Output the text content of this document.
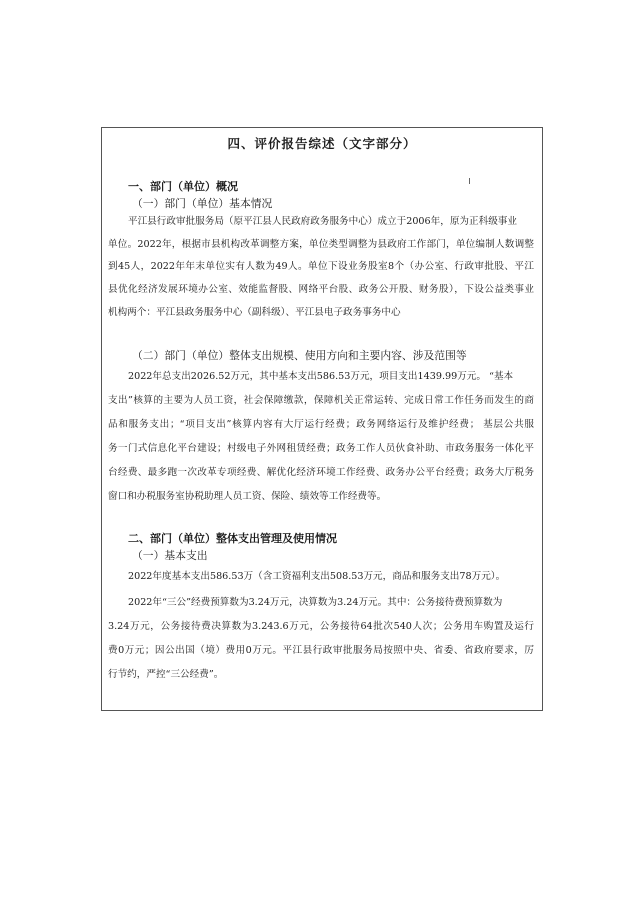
四、评价报告综述（文字部分）
一、部门（单位）概况
（一）部门（单位）基本情况
平江县行政审批服务局（原平江县人民政府政务服务中心）成立于2006年，原为正科级事业
单位。2022年，根据市县机构改革调整方案，单位类型调整为县政府工作部门，单位编制人数调整
到45人，2022年年末单位实有人数为49人。单位下设业务股室8个（办公室、行政审批股、平江
县优化经济发展环境办公室、效能监督股、网络平台股、政务公开股、财务股），下设公益类事业
机构两个：平江县政务服务中心（副科级）、平江县电子政务事务中心
（二）部门（单位）整体支出规模、使用方向和主要内容、涉及范围等
2022年总支出2026.52万元，其中基本支出586.53万元，项目支出1439.99万元。 “基本
支出”核算的主要为人员工资，社会保障缴款，保障机关正常运转、完成日常工作任务而发生的商
品和服务支出；“项目支出”核算内容有大厅运行经费；政务网络运行及维护经费； 基层公共服
务一门式信息化平台建设；村级电子外网租赁经费；政务工作人员伙食补助、市政务服务一体化平
台经费、最多跑一次改革专项经费、解优化经济环境工作经费、政务办公平台经费；政务大厅税务
窗口和办税服务室协税助理人员工资、保险、绩效等工作经费等。
二、部门（单位）整体支出管理及使用情况
（一）基本支出
2022年度基本支出586.53万（含工资福利支出508.53万元，商品和服务支出78万元）。
2022年“三公”经费预算数为3.24万元，决算数为3.24万元。其中：公务接待费预算数为
3.24万元，公务接待费决算数为3.243.6万元，公务接待64批次540人次；公务用车购置及运行
费0万元；因公出国（境）费用0万元。平江县行政审批服务局按照中央、省委、省政府要求，厉
行节约，严控“三公经费”。
